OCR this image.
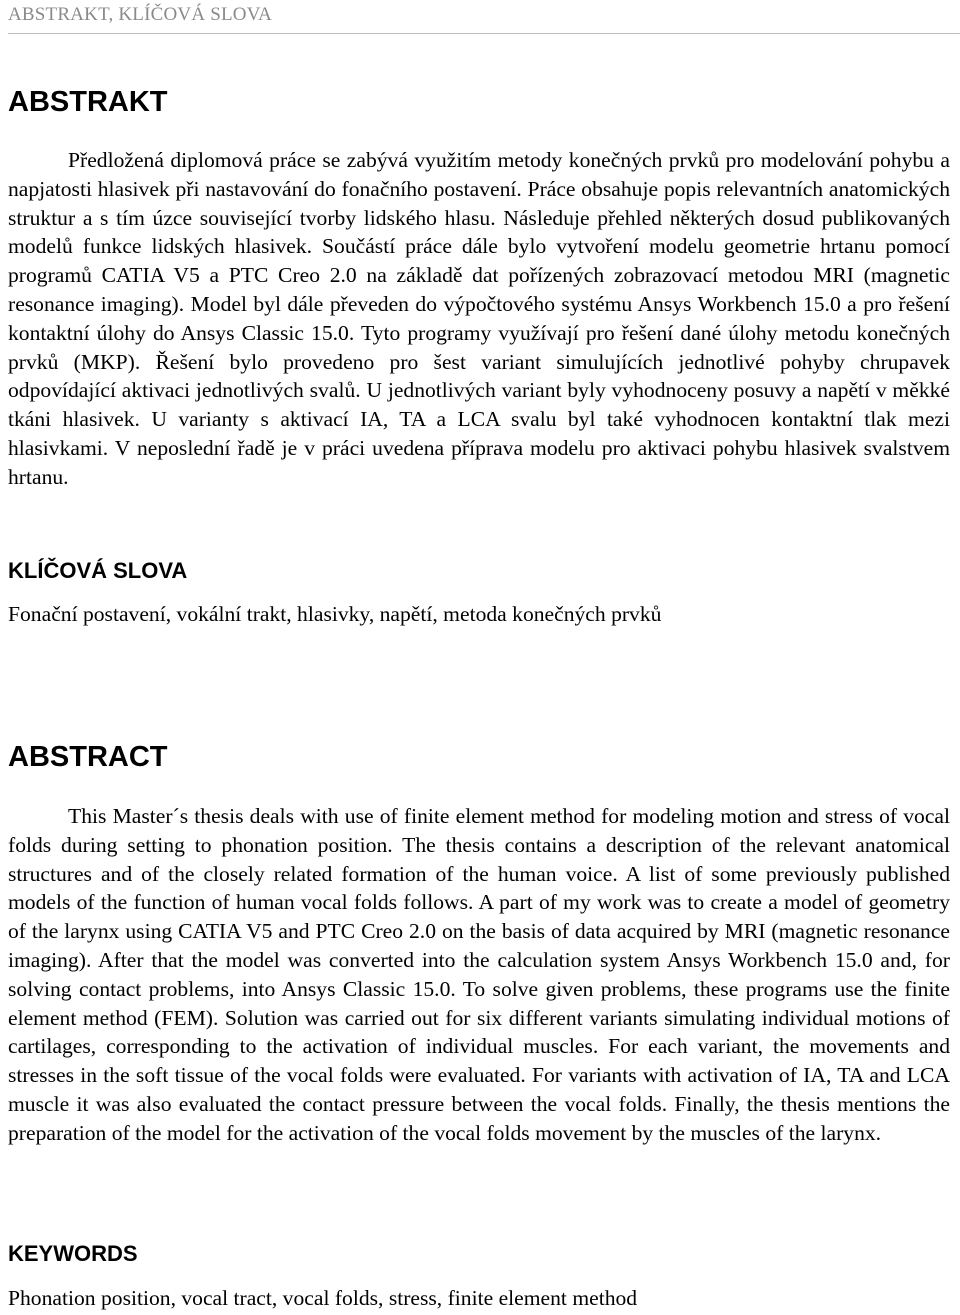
ABSTRAKT, KLÍČOVÁ SLOVA
ABSTRAKT

Předložená diplomová práce se zabývá využitím metody konečných prvků pro modelování pohybu a napjatosti hlasivek při nastavování do fonačního postavení. Práce obsahuje popis relevantních anatomických struktur a s tím úzce související tvorby lidského hlasu. Následuje přehled některých dosud publikovaných modelů funkce lidských hlasivek. Součástí práce dále bylo vytvoření modelu geometrie hrtanu pomocí programů CATIA V5 a PTC Creo 2.0 na základě dat pořízených zobrazovací metodou MRI (magnetic resonance imaging). Model byl dále převeden do výpočtového systému Ansys Workbench 15.0 a pro řešení kontaktní úlohy do Ansys Classic 15.0. Tyto programy využívají pro řešení dané úlohy metodu konečných prvků (MKP). Řešení bylo provedeno pro šest variant simulujících jednotlivé pohyby chrupavek odpovídající aktivaci jednotlivých svalů. U jednotlivých variant byly vyhodnoceny posuvy a napětí v měkké tkáni hlasivek. U varianty s aktivací IA, TA a LCA svalu byl také vyhodnocen kontaktní tlak mezi hlasivkami. V neposlední řadě je v práci uvedena příprava modelu pro aktivaci pohybu hlasivek svalstvem hrtanu.

KLÍČOVÁ SLOVA

Fonační postavení, vokální trakt, hlasivky, napětí, metoda konečných prvků

ABSTRACT

This Master´s thesis deals with use of finite element method for modeling motion and stress of vocal folds during setting to phonation position. The thesis contains a description of the relevant anatomical structures and of the closely related formation of the human voice. A list of some previously published models of the function of human vocal folds follows. A part of my work was to create a model of geometry of the larynx using CATIA V5 and PTC Creo 2.0 on the basis of data acquired by MRI (magnetic resonance imaging). After that the model was converted into the calculation system Ansys Workbench 15.0 and, for solving contact problems, into Ansys Classic 15.0. To solve given problems, these programs use the finite element method (FEM). Solution was carried out for six different variants simulating individual motions of cartilages, corresponding to the activation of individual muscles. For each variant, the movements and stresses in the soft tissue of the vocal folds were evaluated. For variants with activation of IA, TA and LCA muscle it was also evaluated the contact pressure between the vocal folds. Finally, the thesis mentions the preparation of the model for the activation of the vocal folds movement by the muscles of the larynx.

KEYWORDS

Phonation position, vocal tract, vocal folds, stress, finite element method
